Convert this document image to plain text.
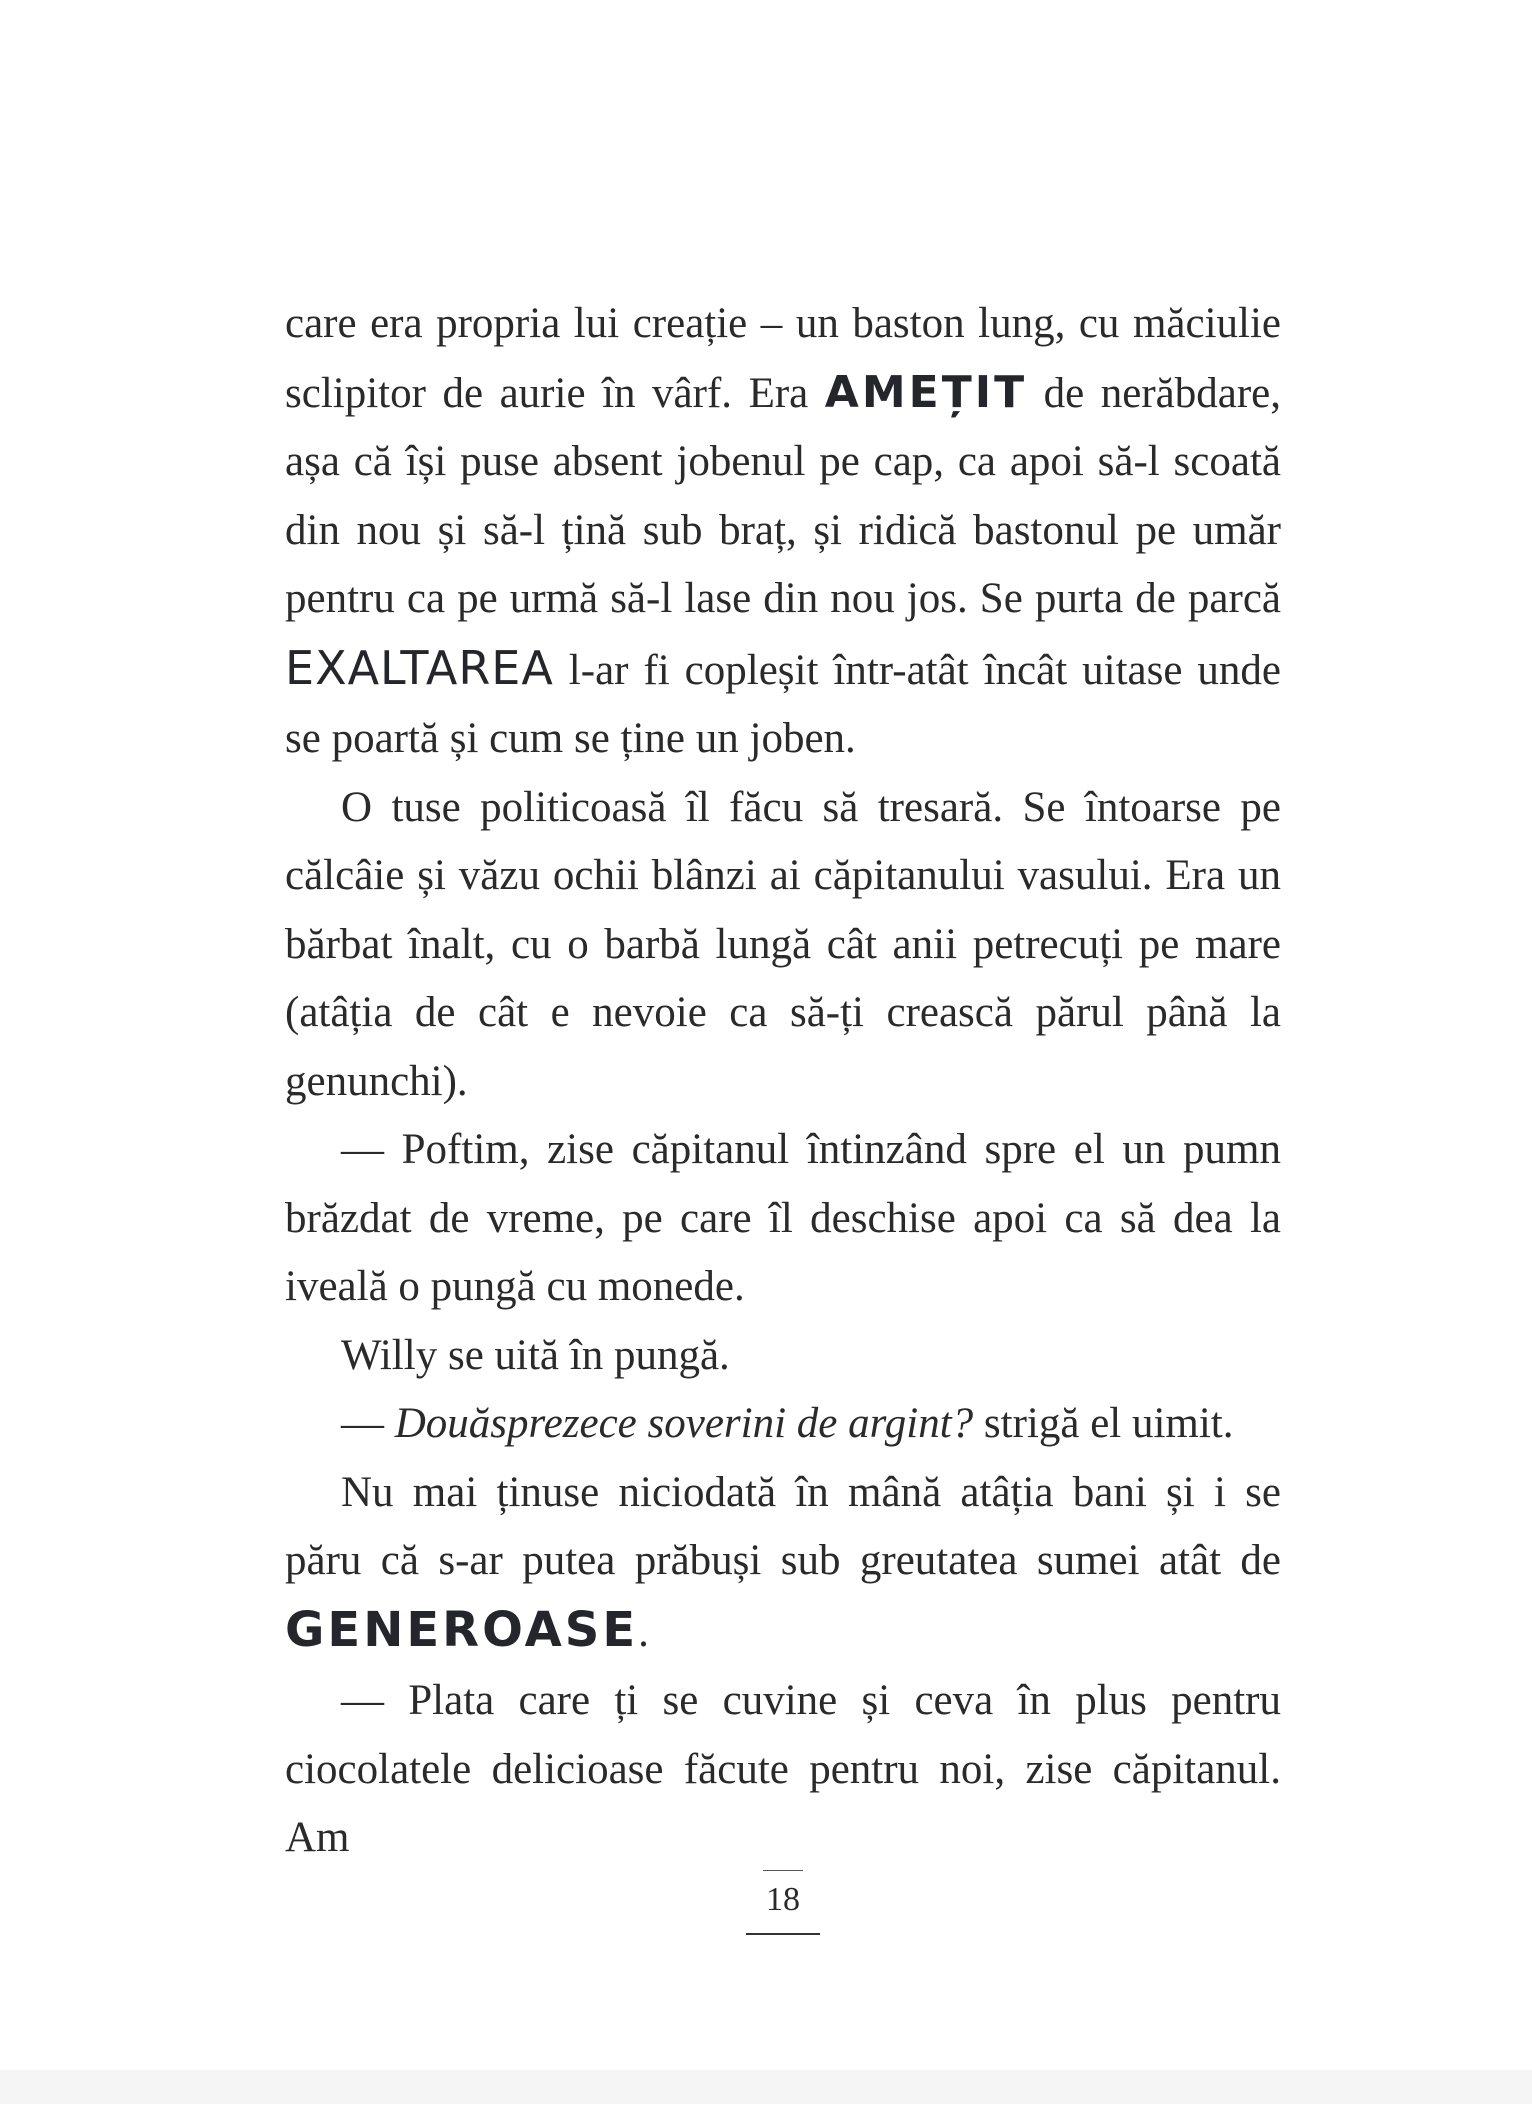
care era propria lui creație – un baston lung, cu măciulie sclipitor de aurie în vârf. Era AMEȚIT de nerăbdare, așa că își puse absent jobenul pe cap, ca apoi să-l scoată din nou și să-l țină sub braț, și ridică bastonul pe umăr pentru ca pe urmă să-l lase din nou jos. Se purta de parcă EXALTAREA l-ar fi copleșit într-atât încât uitase unde se poartă și cum se ține un joben.

O tuse politicoasă îl făcu să tresară. Se întoarse pe călcâie și văzu ochii blânzi ai căpitanului vasului. Era un bărbat înalt, cu o barbă lungă cât anii petrecuți pe mare (atâția de cât e nevoie ca să-ți crească părul până la genunchi).

— Poftim, zise căpitanul întinzând spre el un pumn brăzdat de vreme, pe care îl deschise apoi ca să dea la iveală o pungă cu monede.

Willy se uită în pungă.

— Douăsprezece soverini de argint? strigă el uimit.

Nu mai ținuse niciodată în mână atâția bani și i se păru că s-ar putea prăbuși sub greutatea sumei atât de GENEROASE.

— Plata care ți se cuvine și ceva în plus pentru ciocolatele delicioase făcute pentru noi, zise căpitanul. Am

18
